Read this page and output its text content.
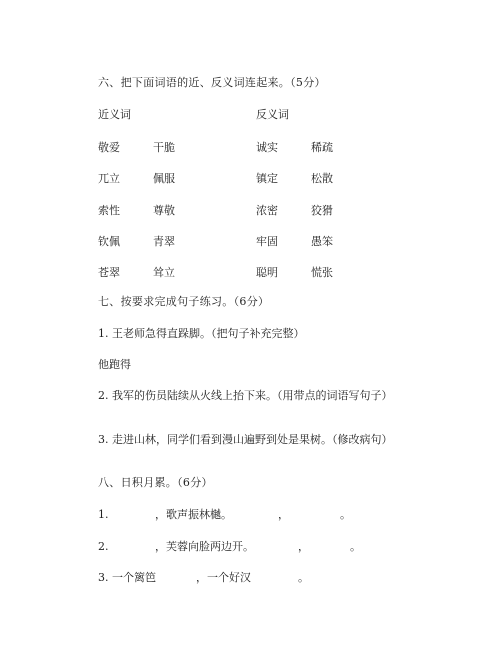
六、把下面词语的近、反义词连起来。（5分）
近义词	反义词
敬爱	干脆	诚实	稀疏
兀立	佩服	镇定	松散
索性	尊敬	浓密	狡猾
钦佩	青翠	牢固	愚笨
苍翠	耸立	聪明	慌张
七、按要求完成句子练习。（6分）
1. 王老师急得直跺脚。（把句子补充完整）
他跑得
2. 我军的伤员陆续从火线上抬下来。（用带点的词语写句子）
3. 走进山林，同学们看到漫山遍野到处是果树。（修改病句）
八、日积月累。（6分）
1.	，歌声振林樾。	，	。
2.	，芙蓉向脸两边开。	，	。
3. 一个篱笆	，一个好汉	。
